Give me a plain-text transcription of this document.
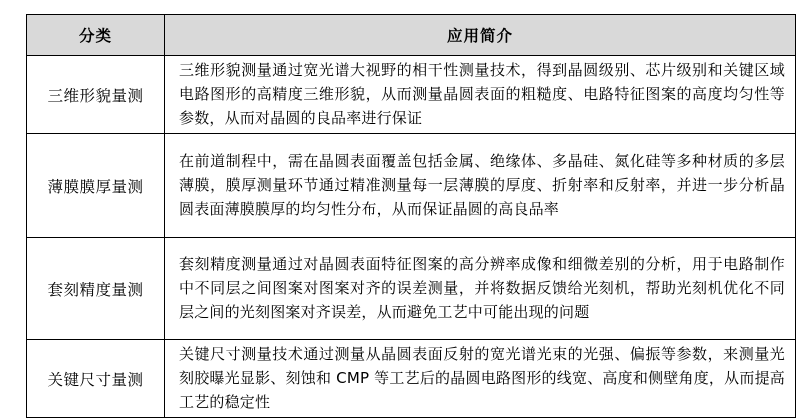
分类	应用简介
三维形貌量测	三维形貌测量通过宽光谱大视野的相干性测量技术，得到晶圆级别、芯片级别和关键区域电路图形的高精度三维形貌，从而测量晶圆表面的粗糙度、电路特征图案的高度均匀性等参数，从而对晶圆的良品率进行保证
薄膜膜厚量测	在前道制程中，需在晶圆表面覆盖包括金属、绝缘体、多晶硅、氮化硅等多种材质的多层薄膜，膜厚测量环节通过精准测量每一层薄膜的厚度、折射率和反射率，并进一步分析晶圆表面薄膜膜厚的均匀性分布，从而保证晶圆的高良品率
套刻精度量测	套刻精度测量通过对晶圆表面特征图案的高分辨率成像和细微差别的分析，用于电路制作中不同层之间图案对图案对齐的误差测量，并将数据反馈给光刻机，帮助光刻机优化不同层之间的光刻图案对齐误差，从而避免工艺中可能出现的问题
关键尺寸量测	关键尺寸测量技术通过测量从晶圆表面反射的宽光谱光束的光强、偏振等参数，来测量光刻胶曝光显影、刻蚀和 CMP 等工艺后的晶圆电路图形的线宽、高度和侧壁角度，从而提高工艺的稳定性
